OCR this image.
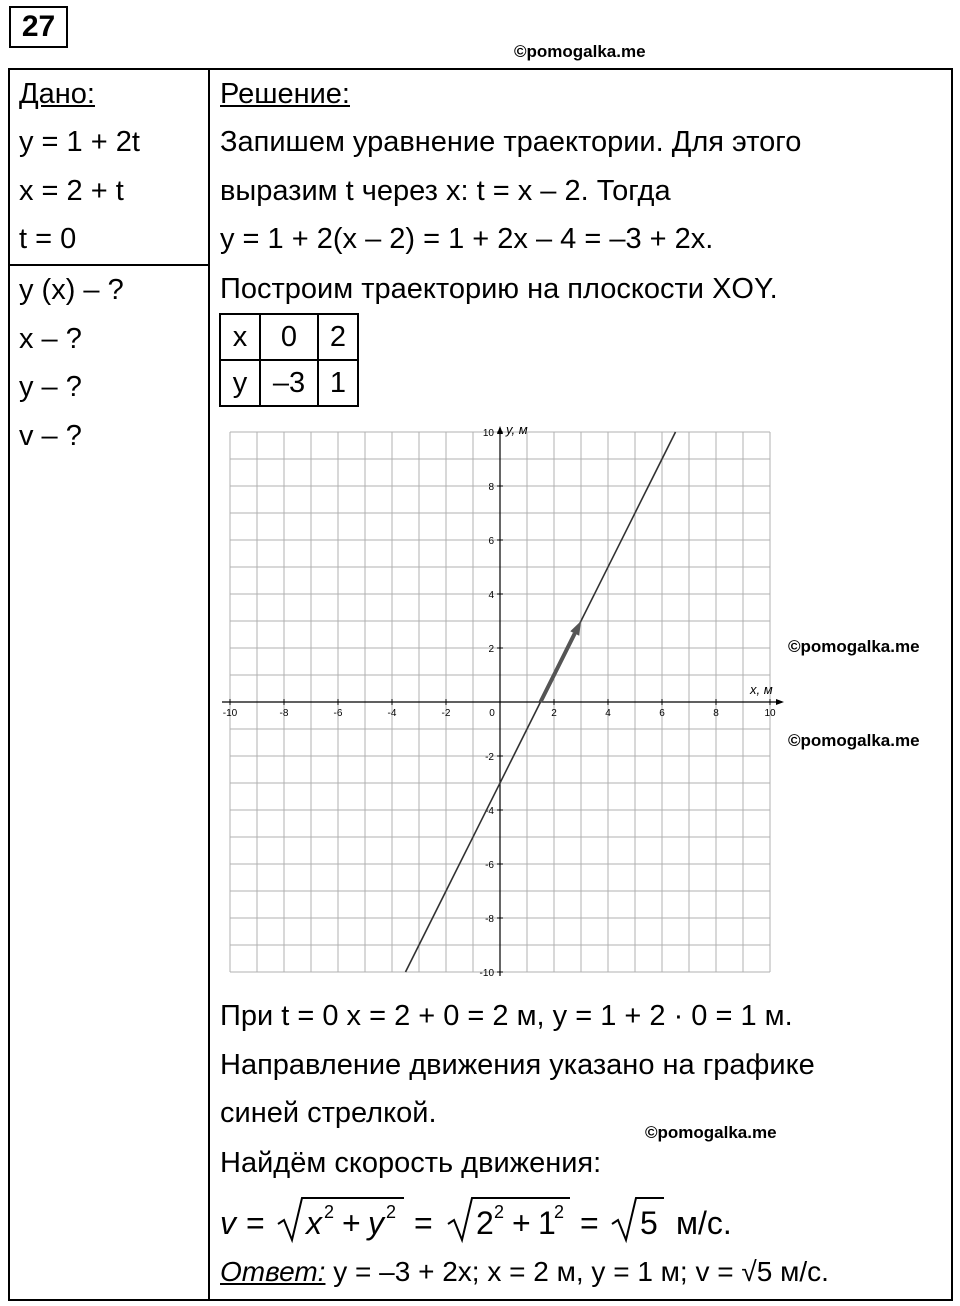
27
©pomogalka.me
Дано:
y = 1 + 2t
x = 2 + t
t = 0
y (x) – ?
x – ?
y – ?
v – ?
Решение:
Запишем уравнение траектории. Для этого
выразим t через x: t = x – 2. Тогда
y = 1 + 2(x – 2) = 1 + 2x – 4 = –3 + 2x.
Построим траекторию на плоскости XOY.
x	0	2
y	–3	1
-10	-8	-6	-4	-2	0	2	4	6	8	10
-10
-8
-6
-4
-2
2
4
6
8
10
x, м
y, м
©pomogalka.me
©pomogalka.me
При t = 0 x = 2 + 0 = 2 м, y = 1 + 2 · 0 = 1 м.
Направление движения указано на графике
синей стрелкой.
©pomogalka.me
Найдём скорость движения:
v = x 2 + y 2 = 2 2 + 1
2 = 5 м/с.
Ответ: y = –3 + 2x; x = 2 м, y = 1 м; v = √5 м/с.
